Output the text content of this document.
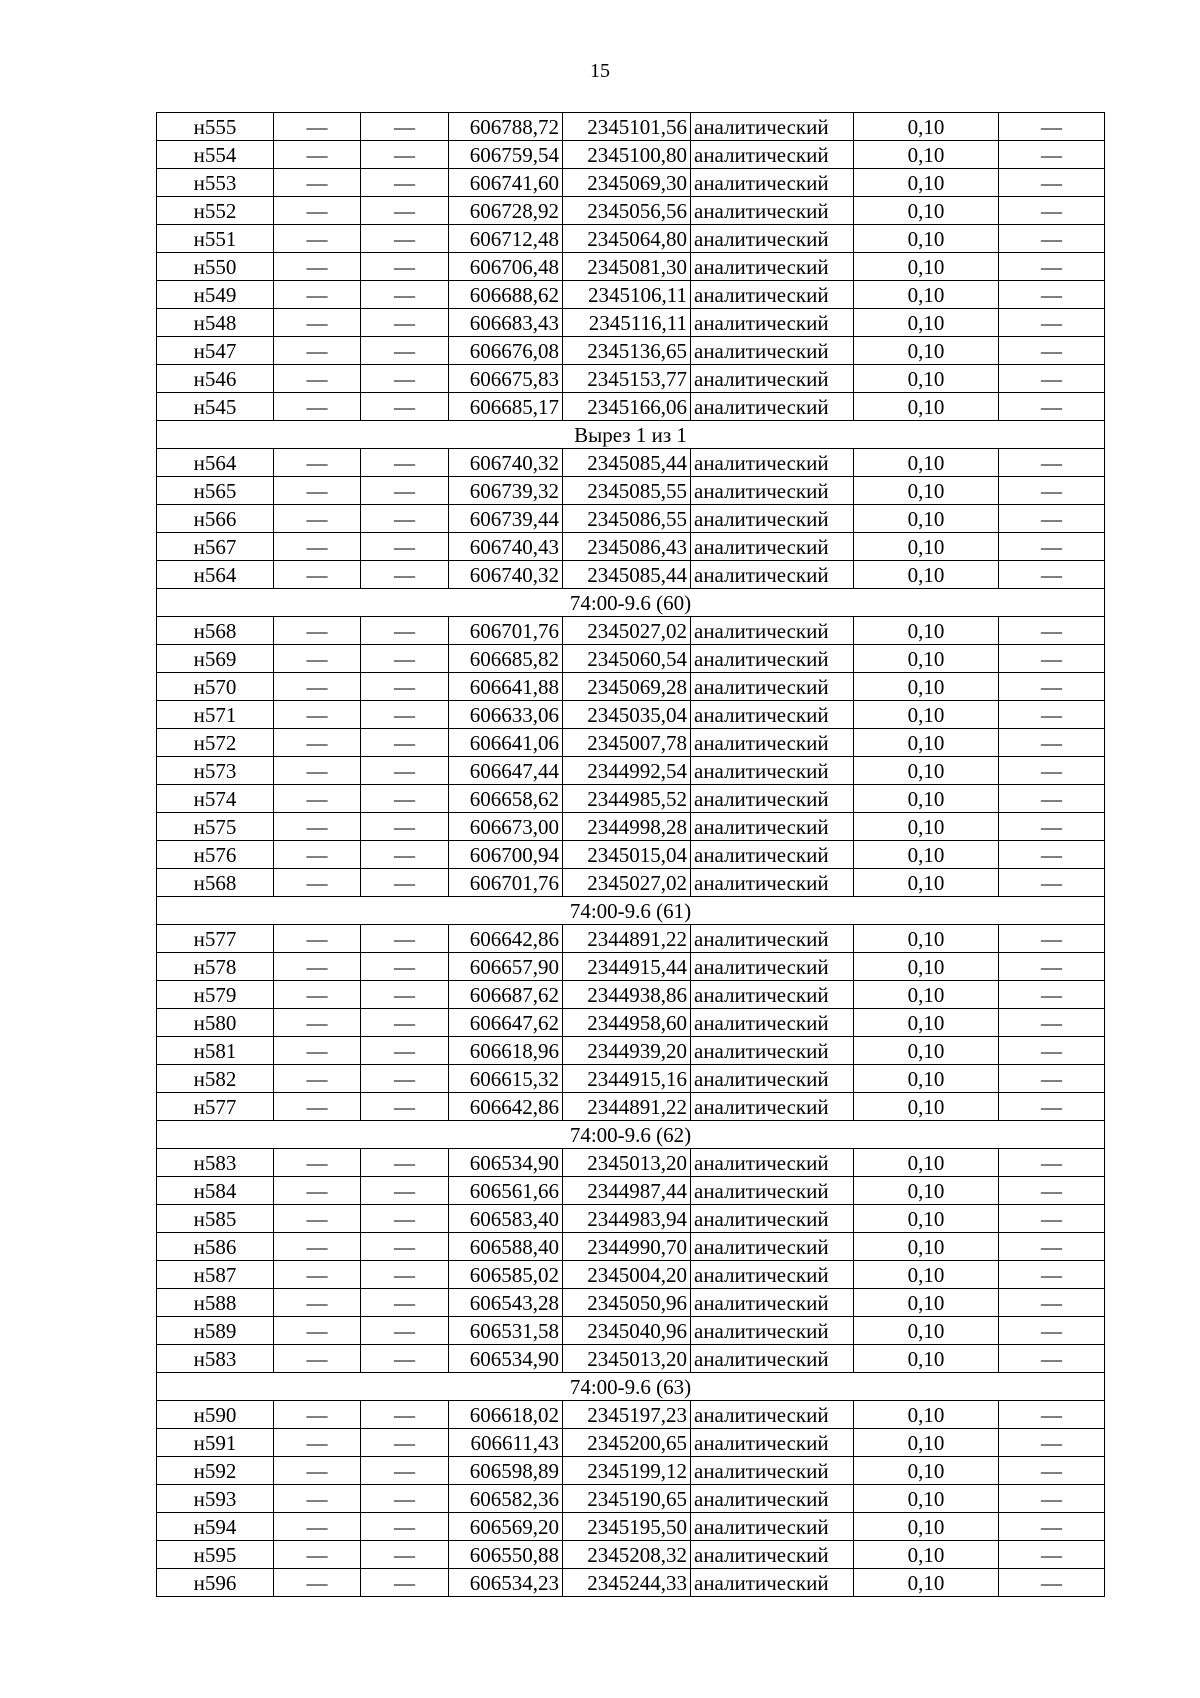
15
н555	—	—	606788,72	2345101,56	аналитический	0,10	—
н554	—	—	606759,54	2345100,80	аналитический	0,10	—
н553	—	—	606741,60	2345069,30	аналитический	0,10	—
н552	—	—	606728,92	2345056,56	аналитический	0,10	—
н551	—	—	606712,48	2345064,80	аналитический	0,10	—
н550	—	—	606706,48	2345081,30	аналитический	0,10	—
н549	—	—	606688,62	2345106,11	аналитический	0,10	—
н548	—	—	606683,43	2345116,11	аналитический	0,10	—
н547	—	—	606676,08	2345136,65	аналитический	0,10	—
н546	—	—	606675,83	2345153,77	аналитический	0,10	—
н545	—	—	606685,17	2345166,06	аналитический	0,10	—
Вырез 1 из 1							
н564	—	—	606740,32	2345085,44	аналитический	0,10	—
н565	—	—	606739,32	2345085,55	аналитический	0,10	—
н566	—	—	606739,44	2345086,55	аналитический	0,10	—
н567	—	—	606740,43	2345086,43	аналитический	0,10	—
н564	—	—	606740,32	2345085,44	аналитический	0,10	—
74:00-9.6 (60)							
н568	—	—	606701,76	2345027,02	аналитический	0,10	—
н569	—	—	606685,82	2345060,54	аналитический	0,10	—
н570	—	—	606641,88	2345069,28	аналитический	0,10	—
н571	—	—	606633,06	2345035,04	аналитический	0,10	—
н572	—	—	606641,06	2345007,78	аналитический	0,10	—
н573	—	—	606647,44	2344992,54	аналитический	0,10	—
н574	—	—	606658,62	2344985,52	аналитический	0,10	—
н575	—	—	606673,00	2344998,28	аналитический	0,10	—
н576	—	—	606700,94	2345015,04	аналитический	0,10	—
н568	—	—	606701,76	2345027,02	аналитический	0,10	—
74:00-9.6 (61)							
н577	—	—	606642,86	2344891,22	аналитический	0,10	—
н578	—	—	606657,90	2344915,44	аналитический	0,10	—
н579	—	—	606687,62	2344938,86	аналитический	0,10	—
н580	—	—	606647,62	2344958,60	аналитический	0,10	—
н581	—	—	606618,96	2344939,20	аналитический	0,10	—
н582	—	—	606615,32	2344915,16	аналитический	0,10	—
н577	—	—	606642,86	2344891,22	аналитический	0,10	—
74:00-9.6 (62)							
н583	—	—	606534,90	2345013,20	аналитический	0,10	—
н584	—	—	606561,66	2344987,44	аналитический	0,10	—
н585	—	—	606583,40	2344983,94	аналитический	0,10	—
н586	—	—	606588,40	2344990,70	аналитический	0,10	—
н587	—	—	606585,02	2345004,20	аналитический	0,10	—
н588	—	—	606543,28	2345050,96	аналитический	0,10	—
н589	—	—	606531,58	2345040,96	аналитический	0,10	—
н583	—	—	606534,90	2345013,20	аналитический	0,10	—
74:00-9.6 (63)							
н590	—	—	606618,02	2345197,23	аналитический	0,10	—
н591	—	—	606611,43	2345200,65	аналитический	0,10	—
н592	—	—	606598,89	2345199,12	аналитический	0,10	—
н593	—	—	606582,36	2345190,65	аналитический	0,10	—
н594	—	—	606569,20	2345195,50	аналитический	0,10	—
н595	—	—	606550,88	2345208,32	аналитический	0,10	—
н596	—	—	606534,23	2345244,33	аналитический	0,10	—
